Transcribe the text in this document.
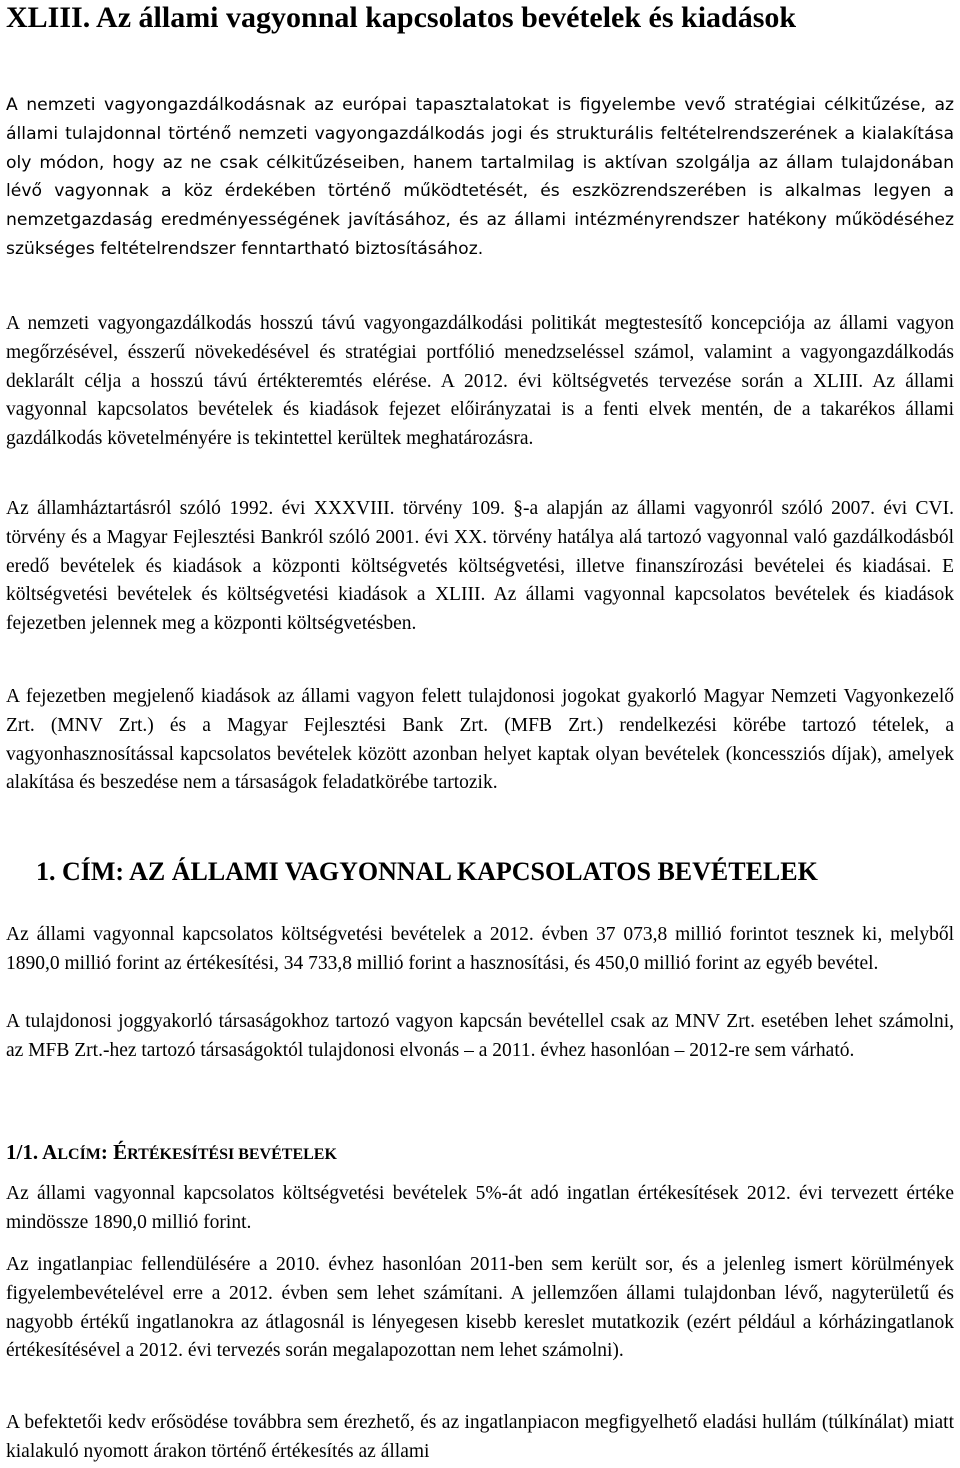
XLIII. Az állami vagyonnal kapcsolatos bevételek és kiadások

A nemzeti vagyongazdálkodásnak az európai tapasztalatokat is figyelembe vevő stratégiai célkitűzése, az állami tulajdonnal történő nemzeti vagyongazdálkodás jogi és strukturális feltételrendszerének a kialakítása oly módon, hogy az ne csak célkitűzéseiben, hanem tartalmilag is aktívan szolgálja az állam tulajdonában lévő vagyonnak a köz érdekében történő működtetését, és eszközrendszerében is alkalmas legyen a nemzetgazdaság eredményességének javításához, és az állami intézményrendszer hatékony működéséhez szükséges feltételrendszer fenntartható biztosításához.

A nemzeti vagyongazdálkodás hosszú távú vagyongazdálkodási politikát megtestesítő koncepciója az állami vagyon megőrzésével, ésszerű növekedésével és stratégiai portfólió menedzseléssel számol, valamint a vagyongazdálkodás deklarált célja a hosszú távú értékteremtés elérése. A 2012. évi költségvetés tervezése során a XLIII. Az állami vagyonnal kapcsolatos bevételek és kiadások fejezet előirányzatai is a fenti elvek mentén, de a takarékos állami gazdálkodás követelményére is tekintettel kerültek meghatározásra.

Az államháztartásról szóló 1992. évi XXXVIII. törvény 109. §-a alapján az állami vagyonról szóló 2007. évi CVI. törvény és a Magyar Fejlesztési Bankról szóló 2001. évi XX. törvény hatálya alá tartozó vagyonnal való gazdálkodásból eredő bevételek és kiadások a központi költségvetés költségvetési, illetve finanszírozási bevételei és kiadásai. E költségvetési bevételek és költségvetési kiadások a XLIII. Az állami vagyonnal kapcsolatos bevételek és kiadások fejezetben jelennek meg a központi költségvetésben.

A fejezetben megjelenő kiadások az állami vagyon felett tulajdonosi jogokat gyakorló Magyar Nemzeti Vagyonkezelő Zrt. (MNV Zrt.) és a Magyar Fejlesztési Bank Zrt. (MFB Zrt.) rendelkezési körébe tartozó tételek, a vagyonhasznosítással kapcsolatos bevételek között azonban helyet kaptak olyan bevételek (koncessziós díjak), amelyek alakítása és beszedése nem a társaságok feladatkörébe tartozik.

1. CÍM: AZ ÁLLAMI VAGYONNAL KAPCSOLATOS BEVÉTELEK

Az állami vagyonnal kapcsolatos költségvetési bevételek a 2012. évben 37 073,8 millió forintot tesznek ki, melyből 1890,0 millió forint az értékesítési, 34 733,8 millió forint a hasznosítási, és 450,0 millió forint az egyéb bevétel.

A tulajdonosi joggyakorló társaságokhoz tartozó vagyon kapcsán bevétellel csak az MNV Zrt. esetében lehet számolni, az MFB Zrt.-hez tartozó társaságoktól tulajdonosi elvonás – a 2011. évhez hasonlóan – 2012-re sem várható.

1/1. ALCÍM: ÉRTÉKESÍTÉSI BEVÉTELEK

Az állami vagyonnal kapcsolatos költségvetési bevételek 5%-át adó ingatlan értékesítések 2012. évi tervezett értéke mindössze 1890,0 millió forint.

Az ingatlanpiac fellendülésére a 2010. évhez hasonlóan 2011-ben sem került sor, és a jelenleg ismert körülmények figyelembevételével erre a 2012. évben sem lehet számítani. A jellemzően állami tulajdonban lévő, nagyterületű és nagyobb értékű ingatlanokra az átlagosnál is lényegesen kisebb kereslet mutatkozik (ezért például a kórházingatlanok értékesítésével a 2012. évi tervezés során megalapozottan nem lehet számolni).

A befektetői kedv erősödése továbbra sem érezhető, és az ingatlanpiacon megfigyelhető eladási hullám (túlkínálat) miatt kialakuló nyomott árakon történő értékesítés az állami
